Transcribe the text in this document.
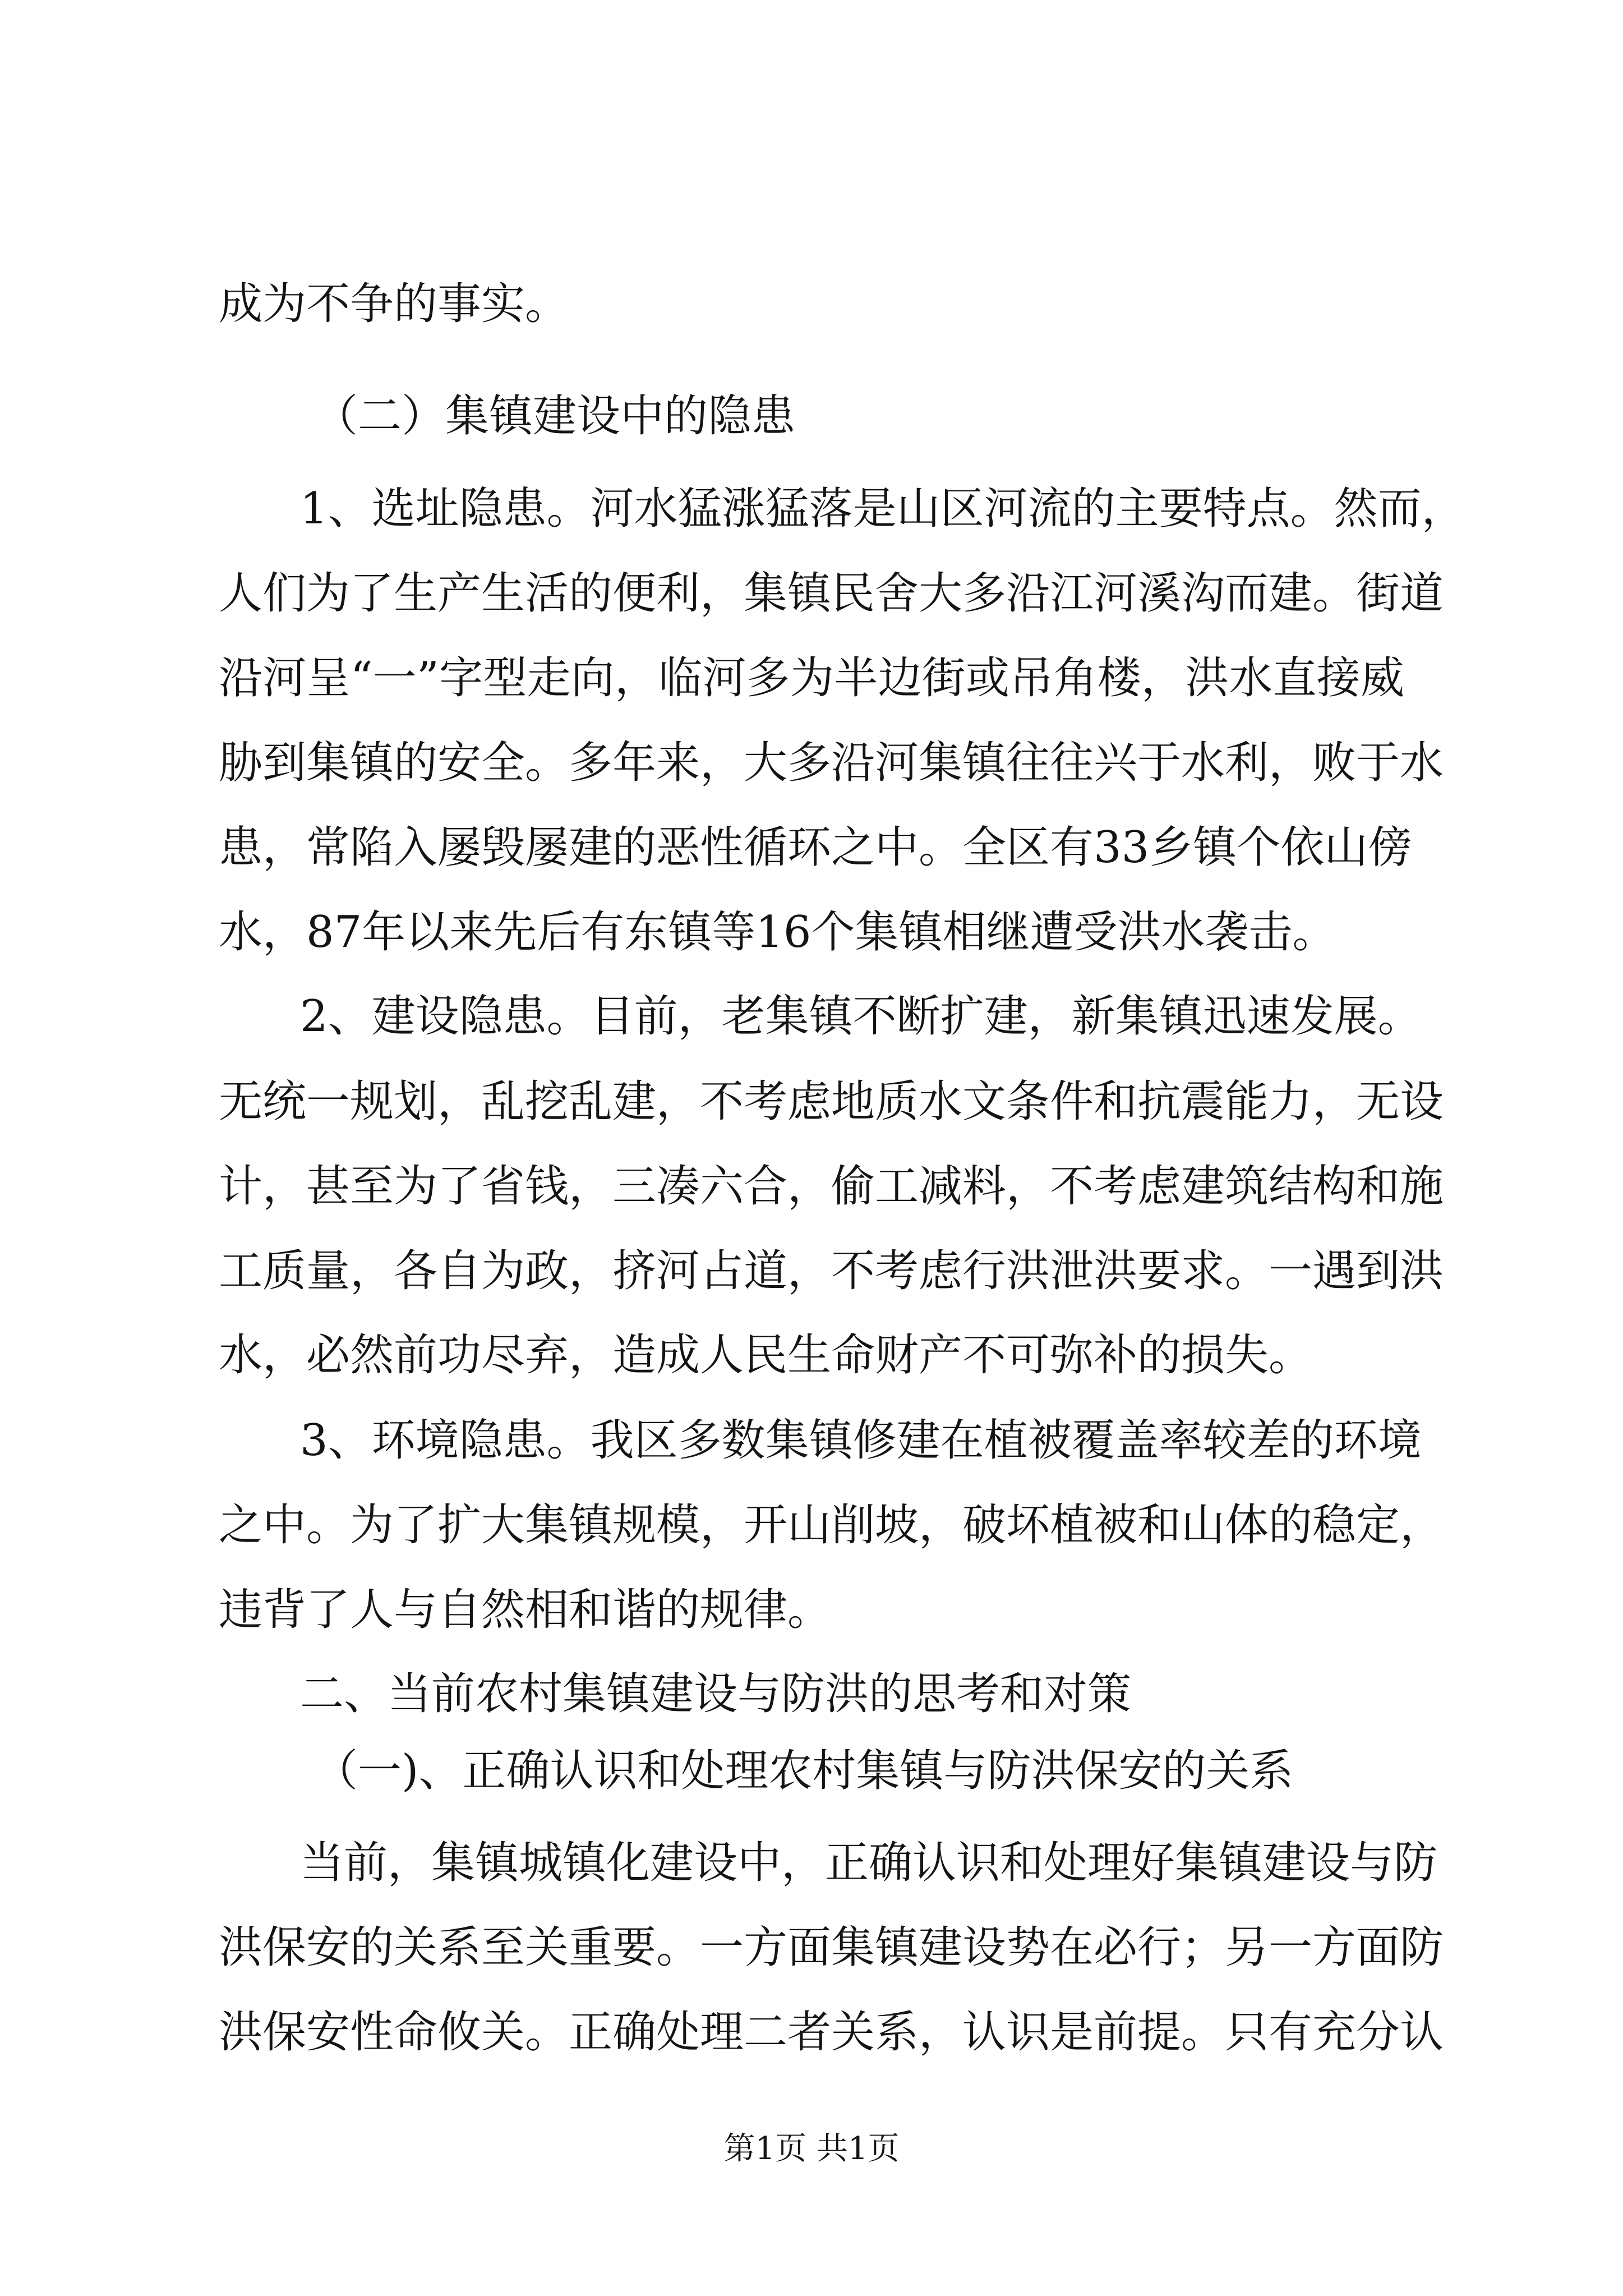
成为不争的事实。
（二）集镇建设中的隐患
1、选址隐患。河水猛涨猛落是山区河流的主要特点。然而，
人们为了生产生活的便利，集镇民舍大多沿江河溪沟而建。街道
沿河呈“一”字型走向，临河多为半边街或吊角楼，洪水直接威
胁到集镇的安全。多年来，大多沿河集镇往往兴于水利，败于水
患，常陷入屡毁屡建的恶性循环之中。全区有33乡镇个依山傍
水，87年以来先后有东镇等16个集镇相继遭受洪水袭击。
2、建设隐患。目前，老集镇不断扩建，新集镇迅速发展。
无统一规划，乱挖乱建，不考虑地质水文条件和抗震能力，无设
计，甚至为了省钱，三凑六合，偷工减料，不考虑建筑结构和施
工质量，各自为政，挤河占道，不考虑行洪泄洪要求。一遇到洪
水，必然前功尽弃，造成人民生命财产不可弥补的损失。
3、环境隐患。我区多数集镇修建在植被覆盖率较差的环境
之中。为了扩大集镇规模，开山削坡，破坏植被和山体的稳定，
违背了人与自然相和谐的规律。
二、当前农村集镇建设与防洪的思考和对策
（一)、正确认识和处理农村集镇与防洪保安的关系
当前，集镇城镇化建设中，正确认识和处理好集镇建设与防
洪保安的关系至关重要。一方面集镇建设势在必行；另一方面防
洪保安性命攸关。正确处理二者关系，认识是前提。只有充分认
第1页 共1页
